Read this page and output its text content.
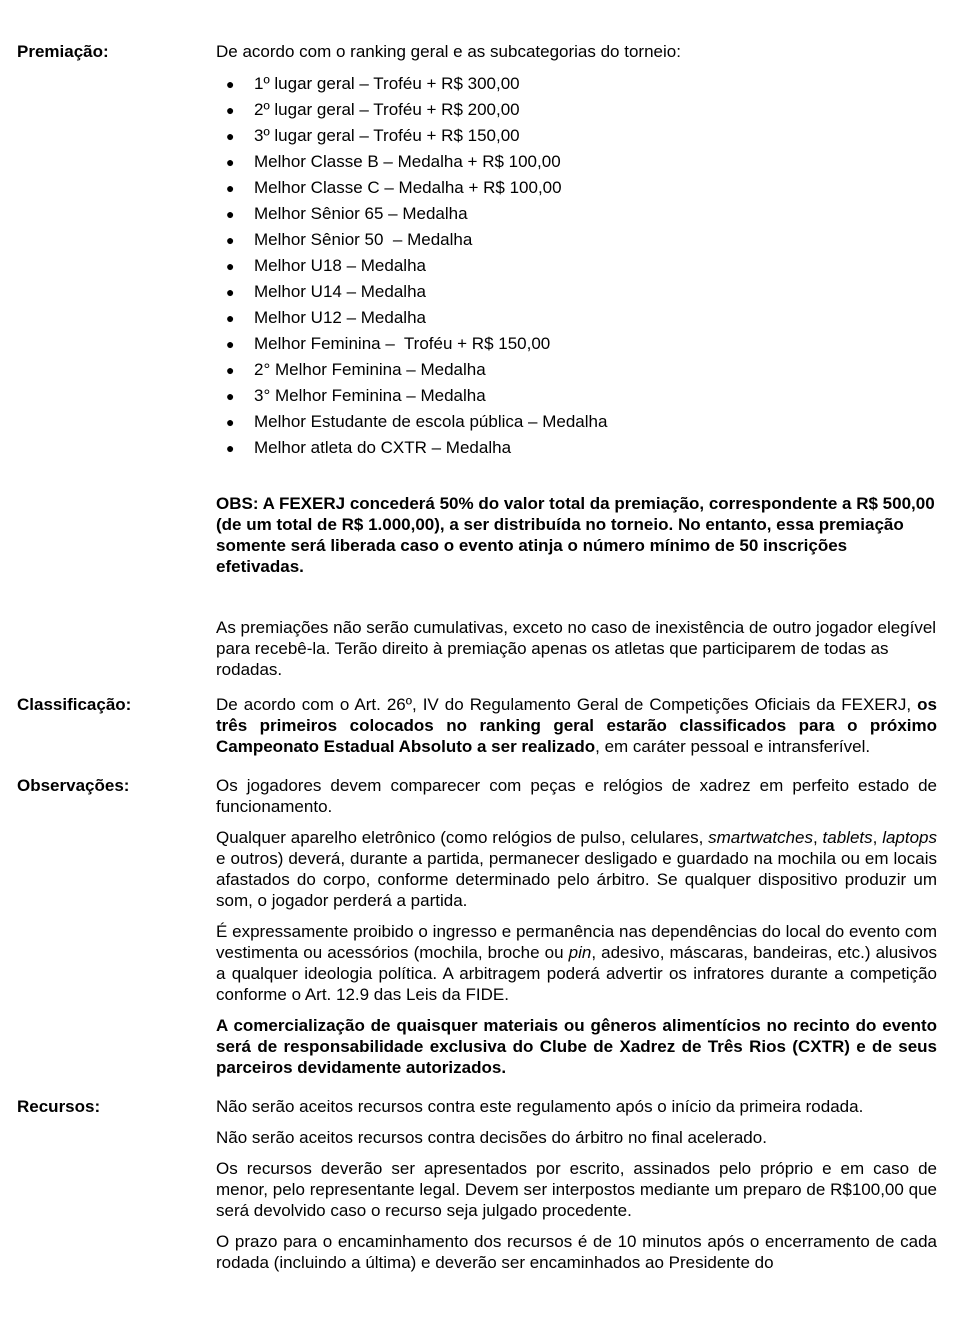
Premiação:	De acordo com o ranking geral e as subcategorias do torneio:

● 1º lugar geral – Troféu + R$ 300,00
● 2º lugar geral – Troféu + R$ 200,00
● 3º lugar geral – Troféu + R$ 150,00
● Melhor Classe B – Medalha + R$ 100,00
● Melhor Classe C – Medalha + R$ 100,00
● Melhor Sênior 65 – Medalha
● Melhor Sênior 50  – Medalha
● Melhor U18 – Medalha
● Melhor U14 – Medalha
● Melhor U12 – Medalha
● Melhor Feminina –  Troféu + R$ 150,00
● 2° Melhor Feminina – Medalha
● 3° Melhor Feminina – Medalha
● Melhor Estudante de escola pública – Medalha
● Melhor atleta do CXTR – Medalha

OBS: A FEXERJ concederá 50% do valor total da premiação, correspondente a R$ 500,00 (de um total de R$ 1.000,00), a ser distribuída no torneio. No entanto, essa premiação somente será liberada caso o evento atinja o número mínimo de 50 inscrições efetivadas.

As premiações não serão cumulativas, exceto no caso de inexistência de outro jogador elegível para recebê-la. Terão direito à premiação apenas os atletas que participarem de todas as rodadas.

Classificação:	De acordo com o Art. 26º, IV do Regulamento Geral de Competições Oficiais da FEXERJ, os três primeiros colocados no ranking geral estarão classificados para o próximo Campeonato Estadual Absoluto a ser realizado, em caráter pessoal e intransferível.

Observações:	Os jogadores devem comparecer com peças e relógios de xadrez em perfeito estado de funcionamento.

Qualquer aparelho eletrônico (como relógios de pulso, celulares, smartwatches, tablets, laptops e outros) deverá, durante a partida, permanecer desligado e guardado na mochila ou em locais afastados do corpo, conforme determinado pelo árbitro. Se qualquer dispositivo produzir um som, o jogador perderá a partida.

É expressamente proibido o ingresso e permanência nas dependências do local do evento com vestimenta ou acessórios (mochila, broche ou pin, adesivo, máscaras, bandeiras, etc.) alusivos a qualquer ideologia política. A arbitragem poderá advertir os infratores durante a competição conforme o Art. 12.9 das Leis da FIDE.

A comercialização de quaisquer materiais ou gêneros alimentícios no recinto do evento será de responsabilidade exclusiva do Clube de Xadrez de Três Rios (CXTR) e de seus parceiros devidamente autorizados.

Recursos:	Não serão aceitos recursos contra este regulamento após o início da primeira rodada.

Não serão aceitos recursos contra decisões do árbitro no final acelerado.

Os recursos deverão ser apresentados por escrito, assinados pelo próprio e em caso de menor, pelo representante legal. Devem ser interpostos mediante um preparo de R$100,00 que será devolvido caso o recurso seja julgado procedente.

O prazo para o encaminhamento dos recursos é de 10 minutos após o encerramento de cada rodada (incluindo a última) e deverão ser encaminhados ao Presidente do
